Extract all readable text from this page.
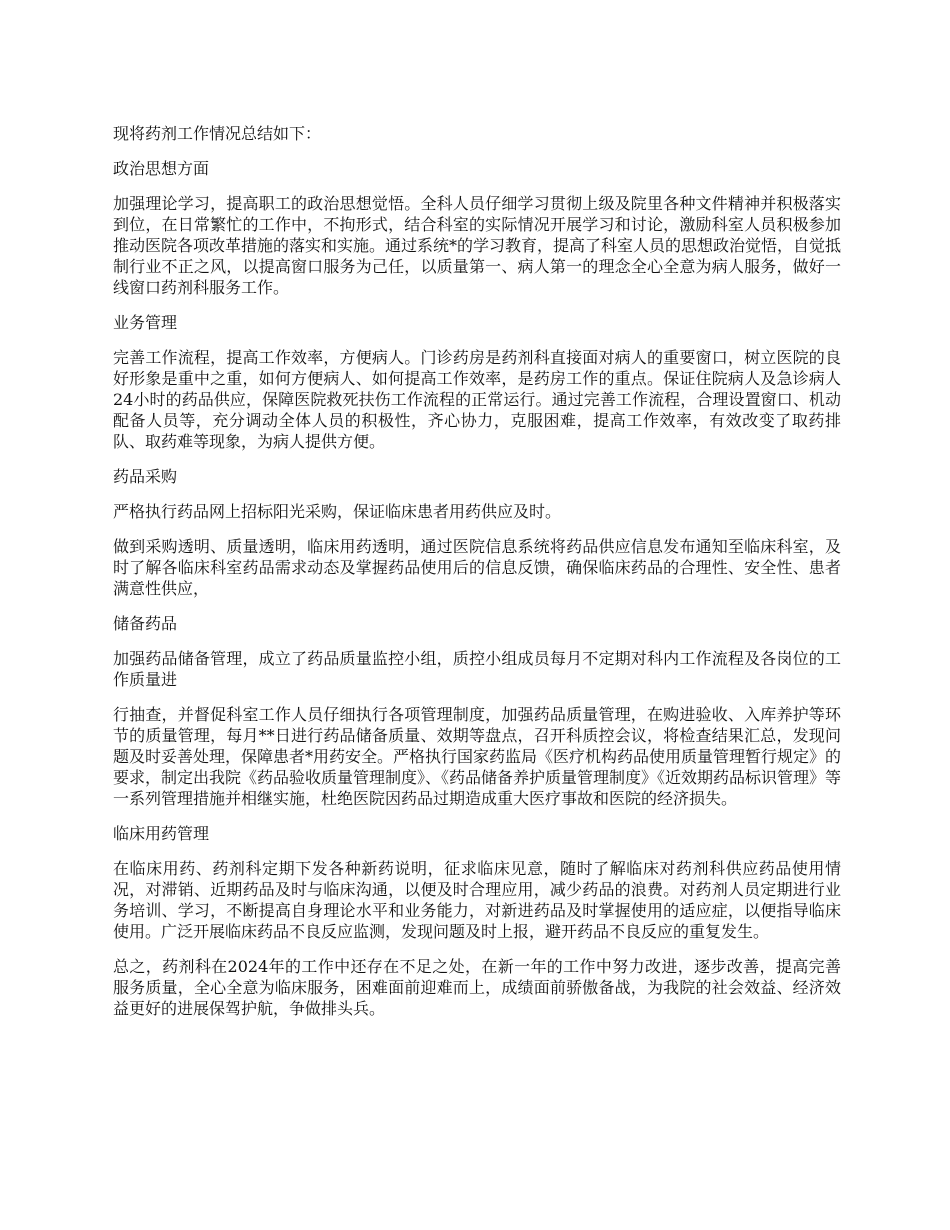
现将药剂工作情况总结如下：

政治思想方面

加强理论学习，提高职工的政治思想觉悟。全科人员仔细学习贯彻上级及院里各种文件精神并积极落实到位，在日常繁忙的工作中，不拘形式，结合科室的实际情况开展学习和讨论，激励科室人员积极参加推动医院各项改革措施的落实和实施。通过系统*的学习教育，提高了科室人员的思想政治觉悟，自觉抵制行业不正之风，以提高窗口服务为己任，以质量第一、病人第一的理念全心全意为病人服务，做好一线窗口药剂科服务工作。

业务管理

完善工作流程，提高工作效率，方便病人。门诊药房是药剂科直接面对病人的重要窗口，树立医院的良好形象是重中之重，如何方便病人、如何提高工作效率，是药房工作的重点。保证住院病人及急诊病人24小时的药品供应，保障医院救死扶伤工作流程的正常运行。通过完善工作流程，合理设置窗口、机动配备人员等，充分调动全体人员的积极性，齐心协力，克服困难，提高工作效率，有效改变了取药排队、取药难等现象，为病人提供方便。

药品采购

严格执行药品网上招标阳光采购，保证临床患者用药供应及时。

做到采购透明、质量透明，临床用药透明，通过医院信息系统将药品供应信息发布通知至临床科室，及时了解各临床科室药品需求动态及掌握药品使用后的信息反馈，确保临床药品的合理性、安全性、患者满意性供应，

储备药品

加强药品储备管理，成立了药品质量监控小组，质控小组成员每月不定期对科内工作流程及各岗位的工作质量进

行抽查，并督促科室工作人员仔细执行各项管理制度，加强药品质量管理，在购进验收、入库养护等环节的质量管理，每月**日进行药品储备质量、效期等盘点，召开科质控会议，将检查结果汇总，发现问题及时妥善处理，保障患者*用药安全。严格执行国家药监局《医疗机构药品使用质量管理暂行规定》的要求，制定出我院《药品验收质量管理制度》、《药品储备养护质量管理制度》《近效期药品标识管理》等一系列管理措施并相继实施，杜绝医院因药品过期造成重大医疗事故和医院的经济损失。

临床用药管理

在临床用药、药剂科定期下发各种新药说明，征求临床见意，随时了解临床对药剂科供应药品使用情况，对滞销、近期药品及时与临床沟通，以便及时合理应用，减少药品的浪费。对药剂人员定期进行业务培训、学习，不断提高自身理论水平和业务能力，对新进药品及时掌握使用的适应症，以便指导临床使用。广泛开展临床药品不良反应监测，发现问题及时上报，避开药品不良反应的重复发生。

总之，药剂科在2024年的工作中还存在不足之处，在新一年的工作中努力改进，逐步改善，提高完善服务质量，全心全意为临床服务，困难面前迎难而上，成绩面前骄傲备战，为我院的社会效益、经济效益更好的进展保驾护航，争做排头兵。
